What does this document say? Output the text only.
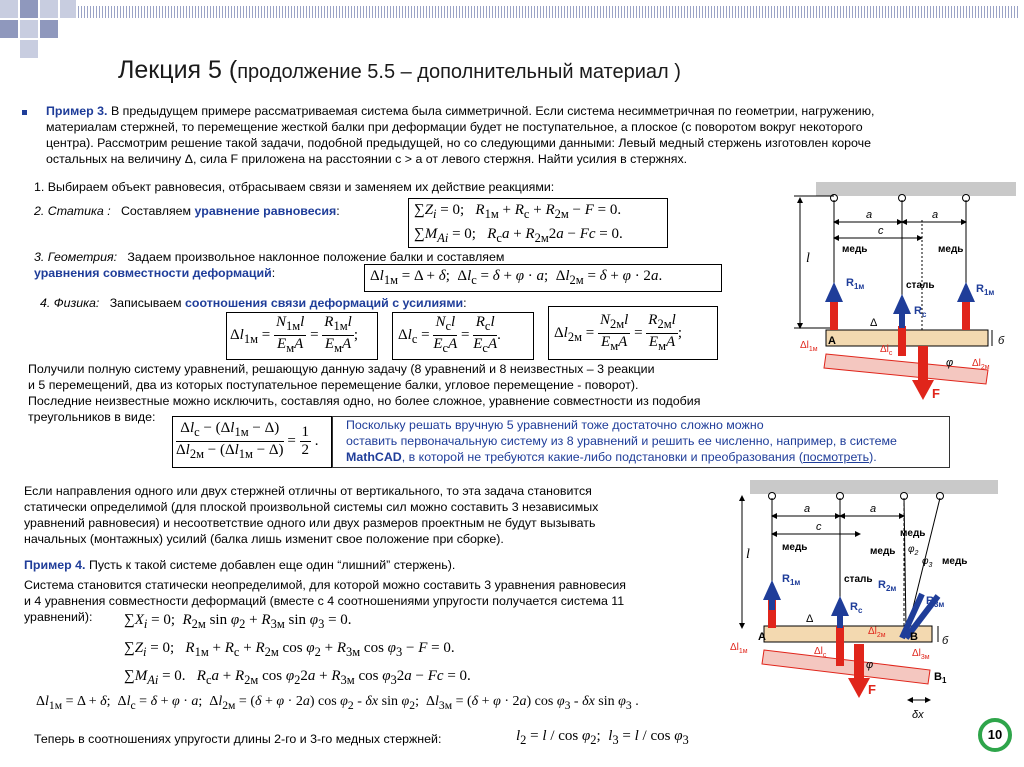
Лекция 5 (продолжение 5.5 – дополнительный материал )
Пример 3. В предыдущем примере рассматриваемая система была симметричной. Если система несимметричная по геометрии, нагружению,
материалам стержней, то перемещение жесткой балки при деформации будет не поступательное, а плоское (с поворотом вокруг некоторого
центра). Рассмотрим решение такой задачи, подобной предыдущей, но со следующими данными: Левый медный стержень изготовлен короче
остальных на величину Δ, сила F приложена на расстоянии с > а от левого стержня. Найти усилия в стержнях.
1. Выбираем объект равновесия, отбрасываем связи и заменяем их действие реакциями:
2. Статика : Составляем уравнение равновесия:	$\sum Z_i = 0$;   $R_{1м} + R_c + R_{2м} - F = 0$.
$\sum M_{Ai} = 0$;   $R_ca + R_{2м}2a - Fc = 0$.
3. Геометрия: Задаем произвольное наклонное положение балки и составляем
уравнения совместности деформаций:	$\Delta l_{1м} = \Delta + \delta$;  $\Delta l_c = \delta + \varphi \cdot a$;  $\Delta l_{2м} = \delta + \varphi \cdot 2a$.
4. Физика: Записываем соотношения связи деформаций с усилиями:
$\Delta l_{1м} = \frac{N_{1м}l}{E_мA} = \frac{R_{1м}l}{E_мA}$ ;	$\Delta l_c = \frac{N_cl}{E_cA} = \frac{R_cl}{E_cA}$ .	$\Delta l_{2м} = \frac{N_{2м}l}{E_мA} = \frac{R_{2м}l}{E_мA}$ ;
Получили полную систему уравнений, решающую данную задачу (8 уравнений и 8 неизвестных – 3 реакции
и 5 перемещений, два из которых поступательное перемещение балки, угловое перемещение - поворот).
Последние неизвестные можно исключить, составляя одно, но более сложное, уравнение совместности из подобия
треугольников в виде:
$\frac{\Delta l_c - (\Delta l_{1м} - \Delta)}{\Delta l_{2м} - (\Delta l_{1м} - \Delta)} = \frac{1}{2}$ .
Поскольку решать вручную 5 уравнений тоже достаточно сложно можно
оставить первоначальную систему из 8 уравнений и решить ее численно, например, в системе
MathCAD, в которой не требуются какие-либо подстановки и преобразования (посмотреть).
Если направления одного или двух стержней отличны от вертикального, то эта задача становится
статически определимой (для плоской произвольной системы сил можно составить 3 независимых
уравнений равновесия) и несоответствие одного или двух размеров проектным не будут вызывать
начальных (монтажных) усилий (балка лишь изменит свое положение при сборке).
Пример 4. Пусть к такой системе добавлен еще один “лишний” стержень).
Система становится статически неопределимой, для которой можно составить 3 уравнения равновесия
и 4 уравнения совместности деформаций (вместе с 4 соотношениями упругости получается система 11
уравнений): $\sum X_i = 0$;  $R_{2м}$ $\sin \varphi_2 + R_{3м}$ $\sin \varphi_3 = 0$.
$\sum Z_i = 0$;   $R_{1м} + R_c + R_{2м}$ $\cos \varphi_2 + R_{3м}$ $\cos \varphi_3 - F = 0$.
$\sum M_{Ai} = 0$.   $R_ca + R_{2м}$ $\cos \varphi_22a + R_{3м}$ $\cos \varphi_32a - Fc = 0$.
$\Delta l_{1м} = \Delta + \delta$;  $\Delta l_c = \delta + \varphi \cdot a$;  $\Delta l_{2м} = (\delta + \varphi \cdot 2a)$ $\cos \varphi_2$ - δx $\sin \varphi_2$;  $\Delta l_{3м} = (\delta + \varphi \cdot 2a)$ $\cos \varphi_3$ - δx $\sin \varphi_3$ .
Теперь в соотношениях упругости длины 2-го и 3-го медных стержней:	$l_2 = l / \cos \varphi_2$;  $l_3 = l / \cos \varphi_3$	10
l
a	a
c
медь	медь
сталь
F
$R_{1м}$
$R_c$
$R_{1м}$
A
Δ
$\Delta l_{1м}$	$\Delta l_c$
$\Delta l_{2м}$
φ
б
l
a	a
c
медь	медь
медь
медь
сталь
$\varphi_2$
$\varphi_3$
F
$R_{1м}$
$R_c$
$R_{2м}$
$R_{3м}$
A	B
$B_1$
Δ
$\Delta l_{1м}$	$\Delta l_c$
$\Delta l_{2м}$
$\Delta l_{3м}$
φ
б
δx
